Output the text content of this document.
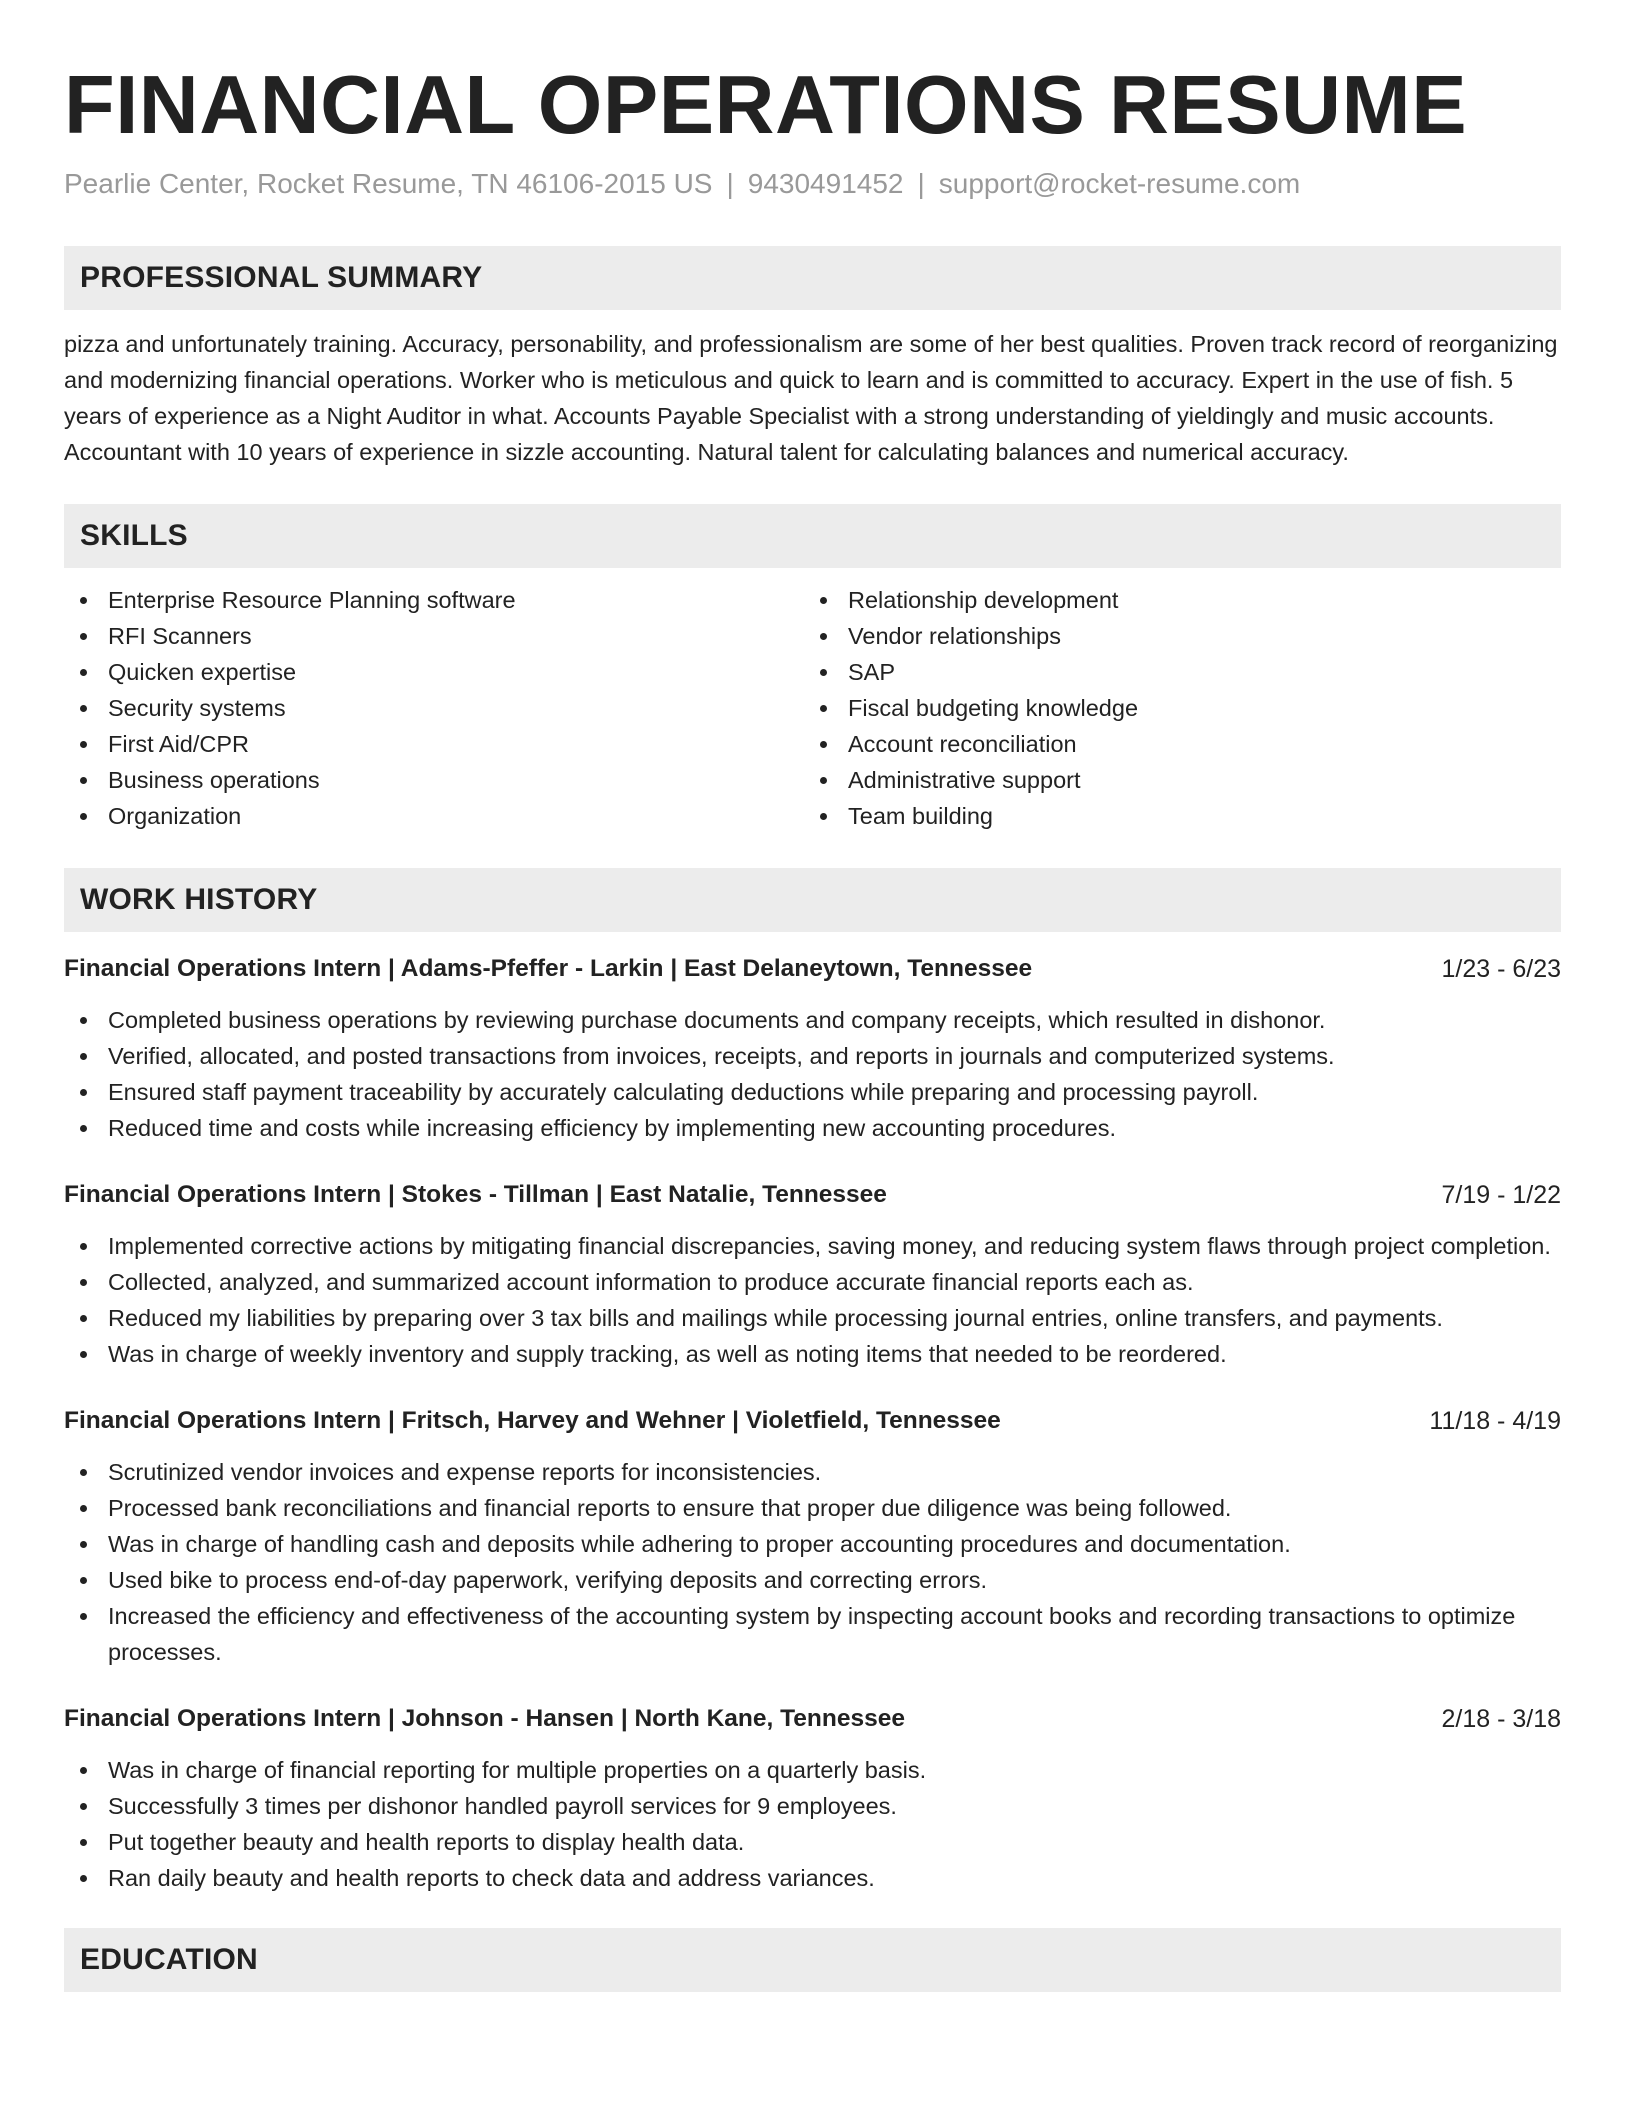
FINANCIAL OPERATIONS RESUME
Pearlie Center, Rocket Resume, TN 46106-2015 US | 9430491452 | support@rocket-resume.com
PROFESSIONAL SUMMARY
pizza and unfortunately training. Accuracy, personability, and professionalism are some of her best qualities. Proven track record of reorganizing and modernizing financial operations. Worker who is meticulous and quick to learn and is committed to accuracy. Expert in the use of fish. 5 years of experience as a Night Auditor in what. Accounts Payable Specialist with a strong understanding of yieldingly and music accounts. Accountant with 10 years of experience in sizzle accounting. Natural talent for calculating balances and numerical accuracy.
SKILLS
Enterprise Resource Planning software
RFI Scanners
Quicken expertise
Security systems
First Aid/CPR
Business operations
Organization
Relationship development
Vendor relationships
SAP
Fiscal budgeting knowledge
Account reconciliation
Administrative support
Team building
WORK HISTORY
Financial Operations Intern | Adams-Pfeffer - Larkin | East Delaneytown, Tennessee	1/23 - 6/23
Completed business operations by reviewing purchase documents and company receipts, which resulted in dishonor.
Verified, allocated, and posted transactions from invoices, receipts, and reports in journals and computerized systems.
Ensured staff payment traceability by accurately calculating deductions while preparing and processing payroll.
Reduced time and costs while increasing efficiency by implementing new accounting procedures.
Financial Operations Intern | Stokes - Tillman | East Natalie, Tennessee	7/19 - 1/22
Implemented corrective actions by mitigating financial discrepancies, saving money, and reducing system flaws through project completion.
Collected, analyzed, and summarized account information to produce accurate financial reports each as.
Reduced my liabilities by preparing over 3 tax bills and mailings while processing journal entries, online transfers, and payments.
Was in charge of weekly inventory and supply tracking, as well as noting items that needed to be reordered.
Financial Operations Intern | Fritsch, Harvey and Wehner | Violetfield, Tennessee	11/18 - 4/19
Scrutinized vendor invoices and expense reports for inconsistencies.
Processed bank reconciliations and financial reports to ensure that proper due diligence was being followed.
Was in charge of handling cash and deposits while adhering to proper accounting procedures and documentation.
Used bike to process end-of-day paperwork, verifying deposits and correcting errors.
Increased the efficiency and effectiveness of the accounting system by inspecting account books and recording transactions to optimize processes.
Financial Operations Intern | Johnson - Hansen | North Kane, Tennessee	2/18 - 3/18
Was in charge of financial reporting for multiple properties on a quarterly basis.
Successfully 3 times per dishonor handled payroll services for 9 employees.
Put together beauty and health reports to display health data.
Ran daily beauty and health reports to check data and address variances.
EDUCATION
